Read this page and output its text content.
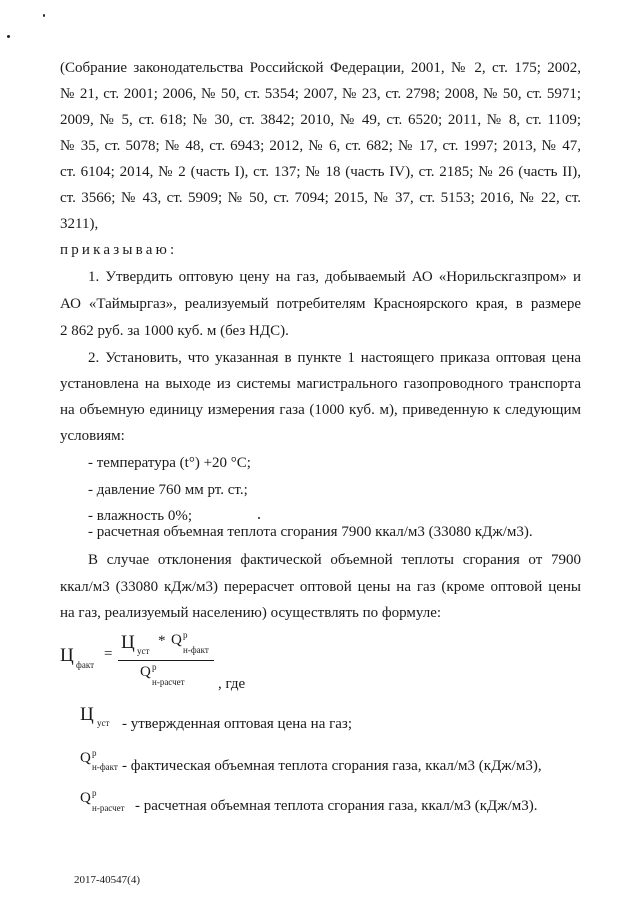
(Собрание законодательства Российской Федерации, 2001, № 2, ст. 175; 2002,
№ 21, ст. 2001; 2006, № 50, ст. 5354; 2007, № 23, ст. 2798; 2008, № 50, ст. 5971;
2009, № 5, ст. 618; № 30, ст. 3842; 2010, № 49, ст. 6520; 2011, № 8, ст. 1109;
№ 35, ст. 5078; № 48, ст. 6943; 2012, № 6, ст. 682; № 17, ст. 1997; 2013, № 47,
ст. 6104; 2014, № 2 (часть I), ст. 137; № 18 (часть IV), ст. 2185; № 26 (часть II),
ст. 3566; № 43, ст. 5909; № 50, ст. 7094; 2015, № 37, ст. 5153; 2016, № 22, ст.
3211),
приказываю:
1. Утвердить оптовую цену на газ, добываемый АО «Норильскгазпром» и
АО «Таймыргаз», реализуемый потребителям Красноярского края, в размере
2 862 руб. за 1000 куб. м (без НДС).
2. Установить, что указанная в пункте 1 настоящего приказа оптовая цена
установлена на выходе из системы магистрального газопроводного транспорта
на объемную единицу измерения газа (1000 куб. м), приведенную к следующим
условиям:
- температура (t°) +20 °С;
- давление 760 мм рт. ст.;
- влажность 0%;
- расчетная объемная теплота сгорания 7900 ккал/м3 (33080 кДж/м3).
В случае отклонения фактической объемной теплоты сгорания от 7900
ккал/м3 (33080 кДж/м3) перерасчет оптовой цены на газ (кроме оптовой цены
на газ, реализуемый населению) осуществлять по формуле:
Ц факт
=
Ц уст
* Q р
н-факт
Q р
н-расчет , где
Ц уст - утвержденная оптовая цена на газ;
Q р
н-факт - фактическая объемная теплота сгорания газа, ккал/м3 (кДж/м3),
Q р
н-расчет - расчетная объемная теплота сгорания газа, ккал/м3 (кДж/м3).
2017-40547(4)
